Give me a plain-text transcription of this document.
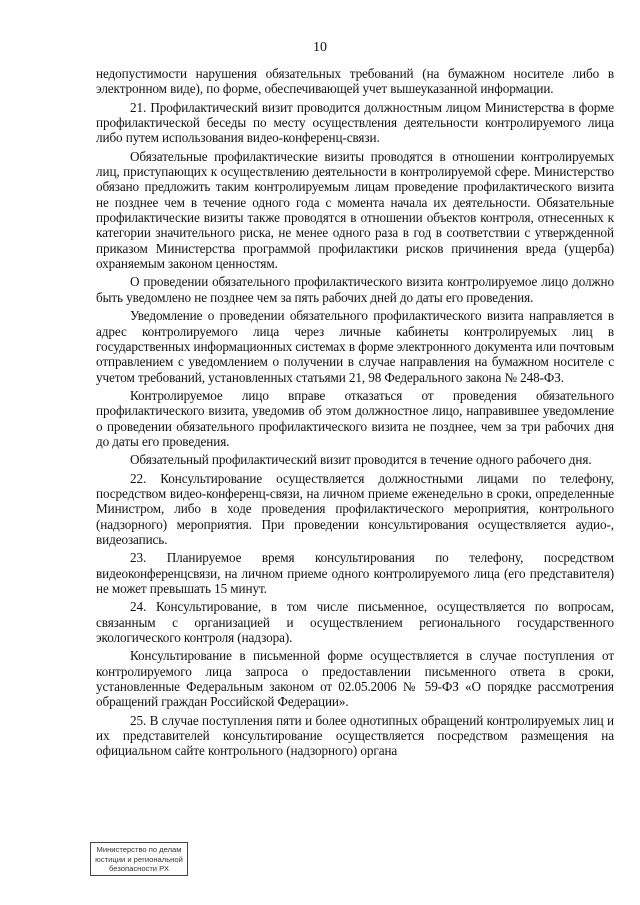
10

недопустимости нарушения обязательных требований (на бумажном носителе либо в электронном виде), по форме, обеспечивающей учет вышеуказанной информации.

21. Профилактический визит проводится должностным лицом Министерства в форме профилактической беседы по месту осуществления деятельности контролируемого лица либо путем использования видео-конференц-связи.

Обязательные профилактические визиты проводятся в отношении контролируемых лиц, приступающих к осуществлению деятельности в контролируемой сфере. Министерство обязано предложить таким контролируемым лицам проведение профилактического визита не позднее чем в течение одного года с момента начала их деятельности. Обязательные профилактические визиты также проводятся в отношении объектов контроля, отнесенных к категории значительного риска, не менее одного раза в год в соответствии с утвержденной приказом Министерства программой профилактики рисков причинения вреда (ущерба) охраняемым законом ценностям.

О проведении обязательного профилактического визита контролируемое лицо должно быть уведомлено не позднее чем за пять рабочих дней до даты его проведения.

Уведомление о проведении обязательного профилактического визита направляется в адрес контролируемого лица через личные кабинеты контролируемых лиц в государственных информационных системах в форме электронного документа или почтовым отправлением с уведомлением о получении в случае направления на бумажном носителе с учетом требований, установленных статьями 21, 98 Федерального закона № 248-ФЗ.

Контролируемое лицо вправе отказаться от проведения обязательного профилактического визита, уведомив об этом должностное лицо, направившее уведомление о проведении обязательного профилактического визита не позднее, чем за три рабочих дня до даты его проведения.

Обязательный профилактический визит проводится в течение одного рабочего дня.

22. Консультирование осуществляется должностными лицами по телефону, посредством видео-конференц-связи, на личном приеме еженедельно в сроки, определенные Министром, либо в ходе проведения профилактического мероприятия, контрольного (надзорного) мероприятия. При проведении консультирования осуществляется аудио-, видеозапись.

23. Планируемое время консультирования по телефону, посредством видеоконференцсвязи, на личном приеме одного контролируемого лица (его представителя) не может превышать 15 минут.

24. Консультирование, в том числе письменное, осуществляется по вопросам, связанным с организацией и осуществлением регионального государственного экологического контроля (надзора).

Консультирование в письменной форме осуществляется в случае поступления от контролируемого лица запроса о предоставлении письменного ответа в сроки, установленные Федеральным законом от 02.05.2006 № 59-ФЗ «О порядке рассмотрения обращений граждан Российской Федерации».

25. В случае поступления пяти и более однотипных обращений контролируемых лиц и их представителей консультирование осуществляется посредством размещения на официальном сайте контрольного (надзорного) органа

Министерство по делам
юстиции и региональной
безопасности РХ
